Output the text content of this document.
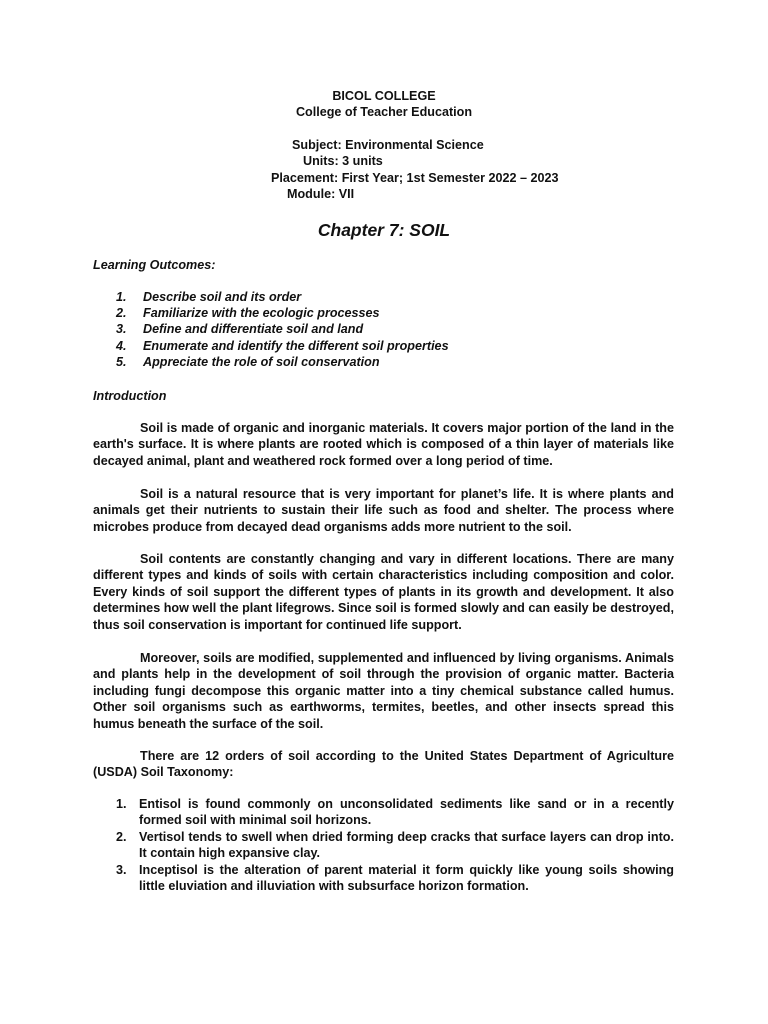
BICOL COLLEGE
College of Teacher Education
Subject: Environmental Science
Units: 3 units
Placement: First Year; 1st Semester 2022 – 2023
Module: VII
Chapter 7: SOIL
Learning Outcomes:
1. Describe soil and its order
2. Familiarize with the ecologic processes
3. Define and differentiate soil and land
4. Enumerate and identify the different soil properties
5. Appreciate the role of soil conservation
Introduction

Soil is made of organic and inorganic materials. It covers major portion of the land in the earth's surface. It is where plants are rooted which is composed of a thin layer of materials like decayed animal, plant and weathered rock formed over a long period of time.

Soil is a natural resource that is very important for planet’s life. It is where plants and animals get their nutrients to sustain their life such as food and shelter. The process where microbes produce from decayed dead organisms adds more nutrient to the soil.

Soil contents are constantly changing and vary in different locations. There are many different types and kinds of soils with certain characteristics including composition and color. Every kinds of soil support the different types of plants in its growth and development. It also determines how well the plant lifegrows. Since soil is formed slowly and can easily be destroyed, thus soil conservation is important for continued life support.

Moreover, soils are modified, supplemented and influenced by living organisms. Animals and plants help in the development of soil through the provision of organic matter. Bacteria including fungi decompose this organic matter into a tiny chemical substance called humus. Other soil organisms such as earthworms, termites, beetles, and other insects spread this humus beneath the surface of the soil.

There are 12 orders of soil according to the United States Department of Agriculture (USDA) Soil Taxonomy:

1. Entisol is found commonly on unconsolidated sediments like sand or in a recently formed soil with minimal soil horizons.
2. Vertisol tends to swell when dried forming deep cracks that surface layers can drop into. It contain high expansive clay.
3. Inceptisol is the alteration of parent material it form quickly like young soils showing little eluviation and illuviation with subsurface horizon formation.
